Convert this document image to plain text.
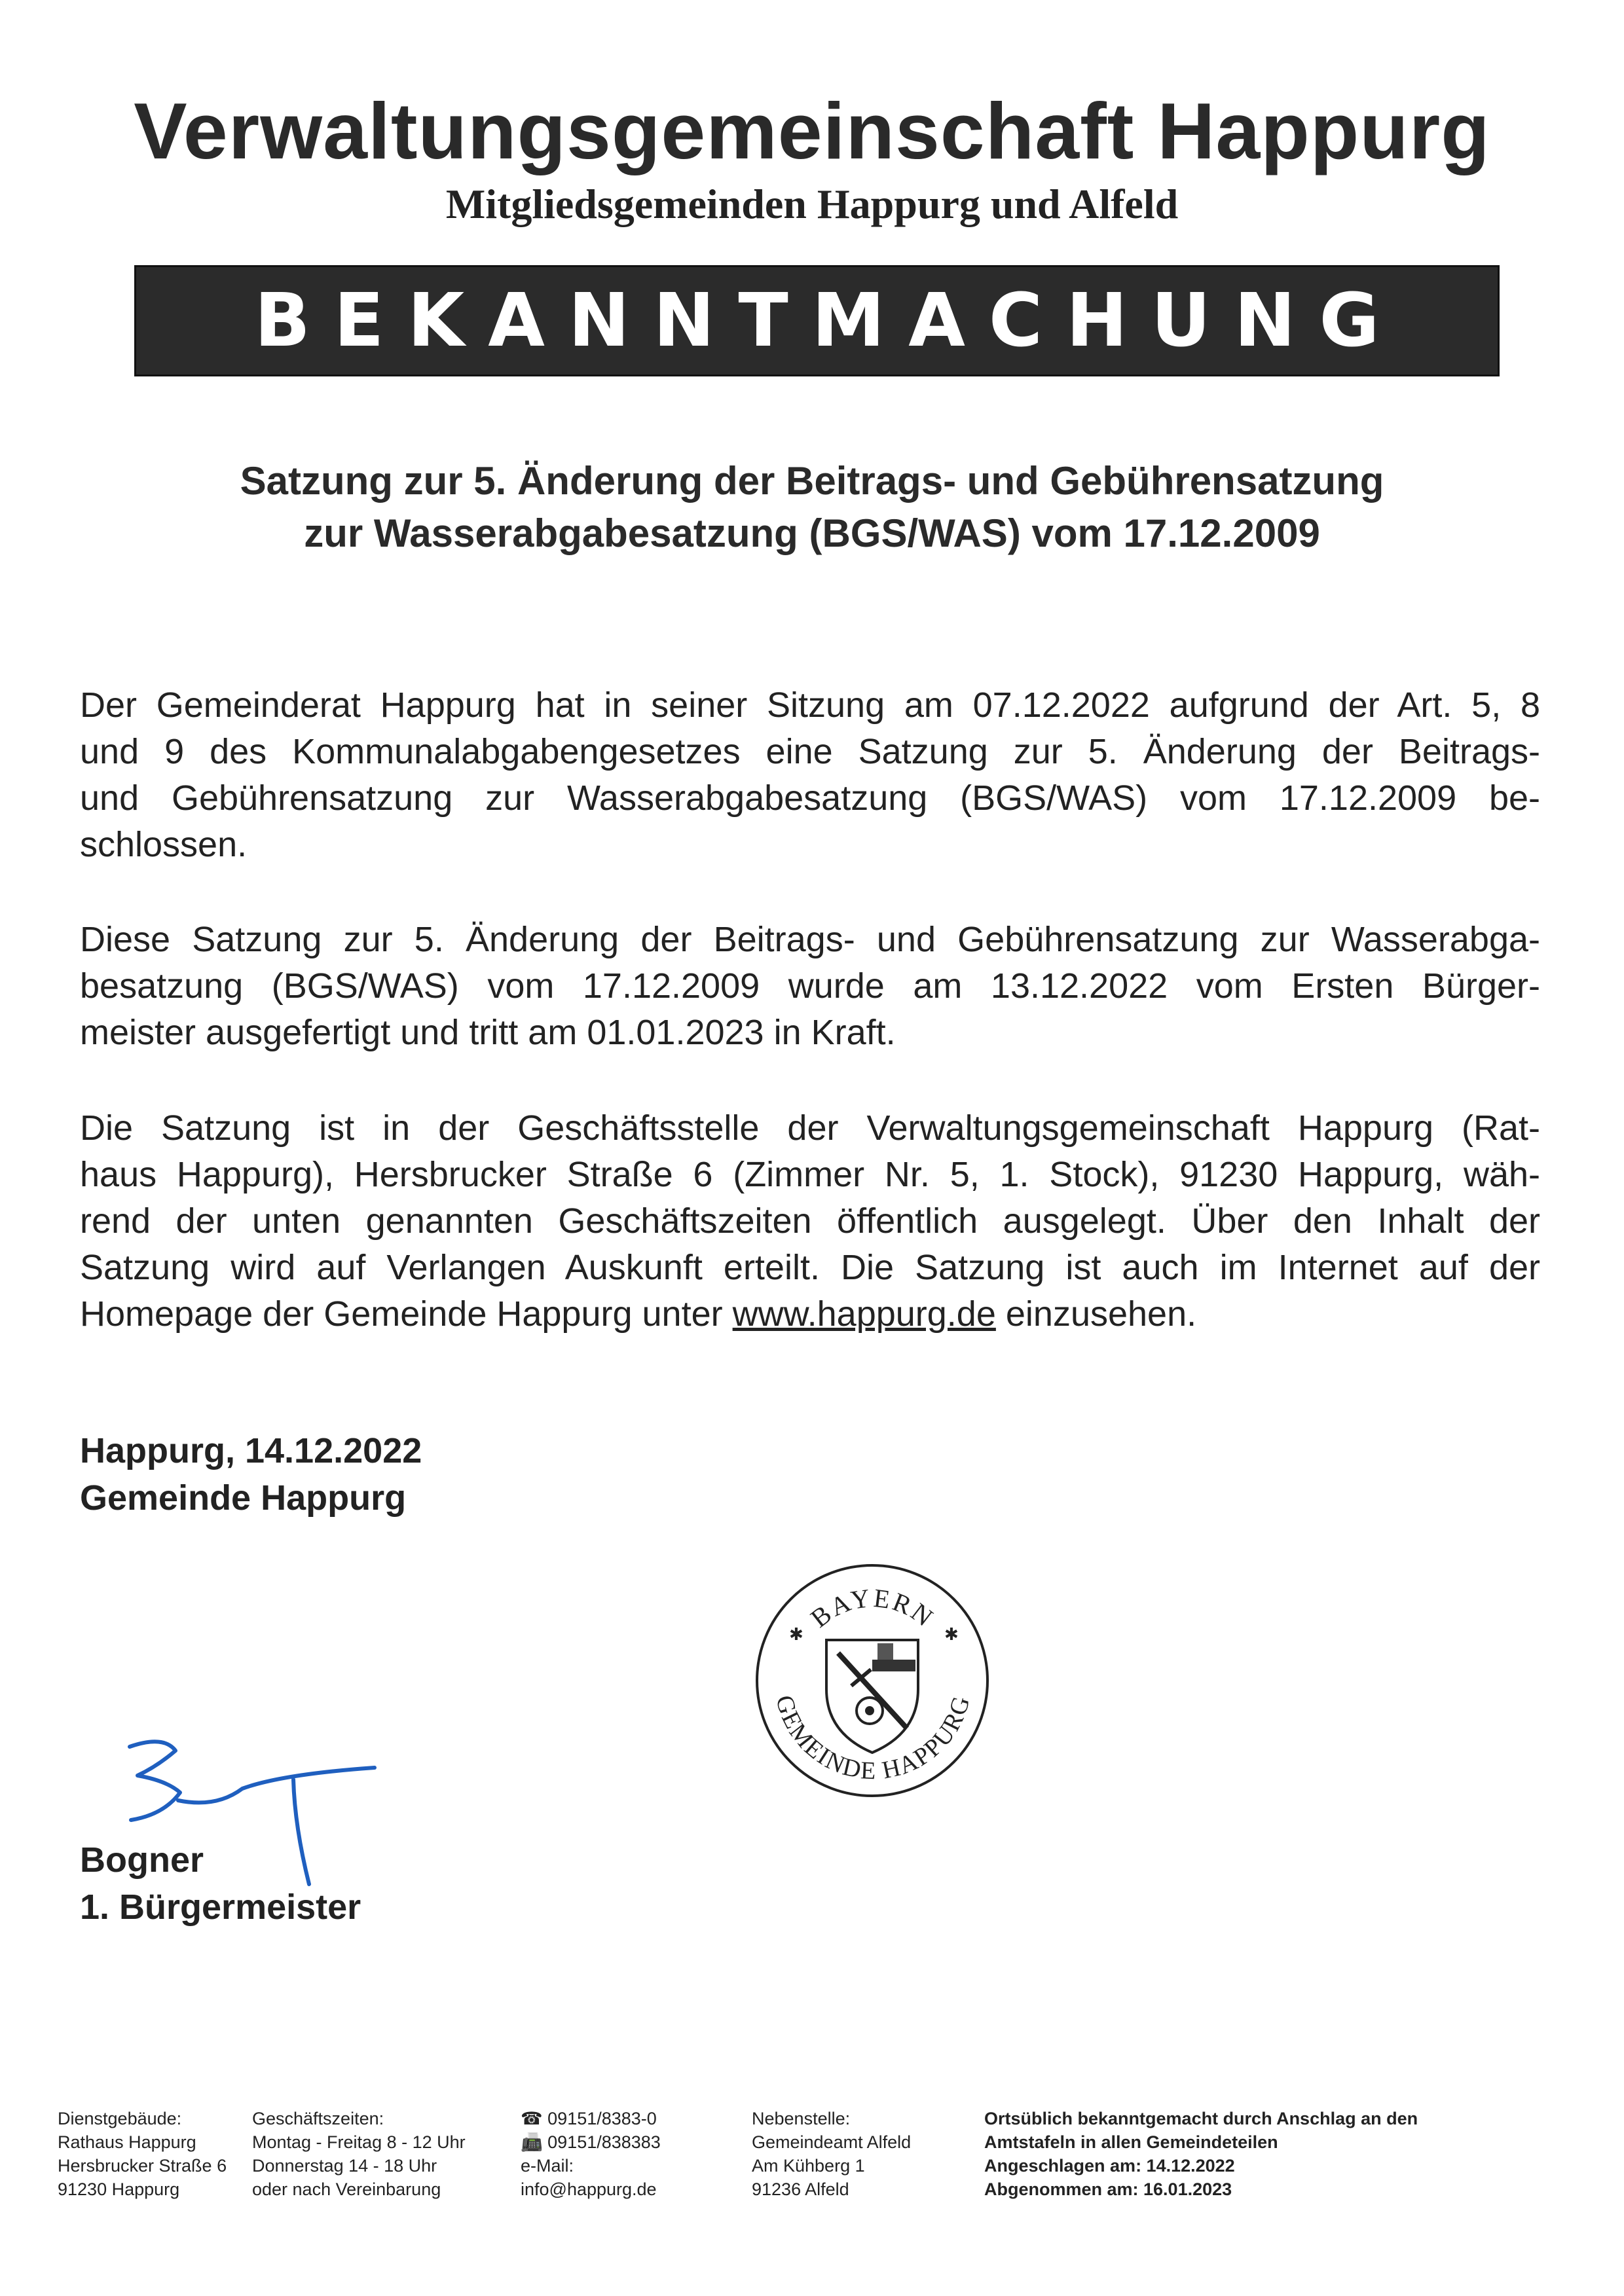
Verwaltungsgemeinschaft Happurg
Mitgliedsgemeinden Happurg und Alfeld
BEKANNTMACHUNG
Satzung zur 5. Änderung der Beitrags- und Gebührensatzung
zur Wasserabgabesatzung (BGS/WAS) vom 17.12.2009
Der Gemeinderat Happurg hat in seiner Sitzung am 07.12.2022 aufgrund der Art. 5, 8
und 9 des Kommunalabgabengesetzes eine Satzung zur 5. Änderung der Beitrags-
und Gebührensatzung zur Wasserabgabesatzung (BGS/WAS) vom 17.12.2009 be-
schlossen.
Diese Satzung zur 5. Änderung der Beitrags- und Gebührensatzung zur Wasserabga-
besatzung (BGS/WAS) vom 17.12.2009 wurde am 13.12.2022 vom Ersten Bürger-
meister ausgefertigt und tritt am 01.01.2023 in Kraft.
Die Satzung ist in der Geschäftsstelle der Verwaltungsgemeinschaft Happurg (Rat-
haus Happurg), Hersbrucker Straße 6 (Zimmer Nr. 5, 1. Stock), 91230 Happurg, wäh-
rend der unten genannten Geschäftszeiten öffentlich ausgelegt. Über den Inhalt der
Satzung wird auf Verlangen Auskunft erteilt. Die Satzung ist auch im Internet auf der
Homepage der Gemeinde Happurg unter www.happurg.de einzusehen.
Happurg, 14.12.2022
Gemeinde Happurg
BAYERN
GEMEINDE HAPPURG
✱	✱
Bogner
1. Bürgermeister
Dienstgebäude:
Rathaus Happurg
Hersbrucker Straße 6
91230 Happurg
Geschäftszeiten:
Montag - Freitag 8 - 12 Uhr
Donnerstag 14 - 18 Uhr
oder nach Vereinbarung
☎ 09151/8383-0
📠 09151/838383
e-Mail:
info@happurg.de
Nebenstelle:
Gemeindeamt Alfeld
Am Kühberg 1
91236 Alfeld
Ortsüblich bekanntgemacht durch Anschlag an den
Amtstafeln in allen Gemeindeteilen
Angeschlagen am: 14.12.2022
Abgenommen am: 16.01.2023
